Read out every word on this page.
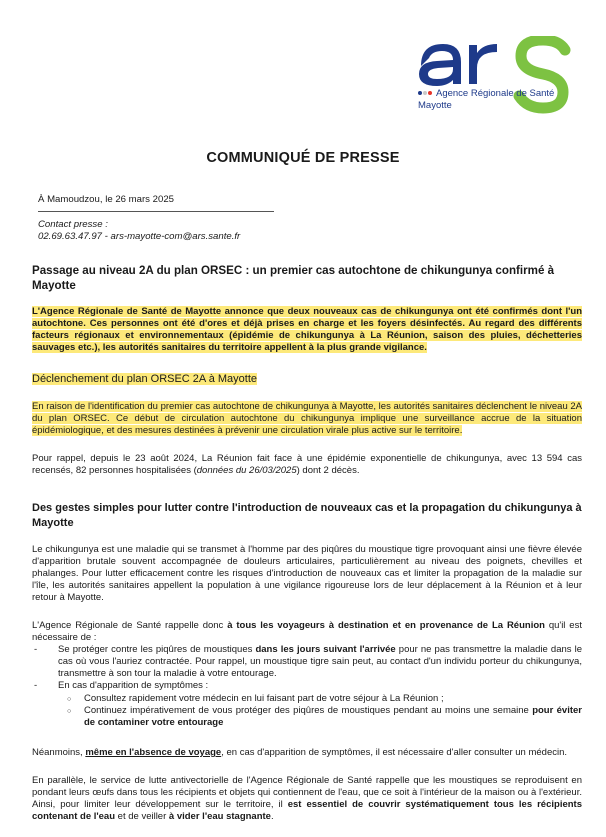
Agence Régionale de Santé
Mayotte
COMMUNIQUÉ DE PRESSE
À Mamoudzou, le 26 mars 2025
Contact presse :
02.69.63.47.97 - ars-mayotte-com@ars.sante.fr
Passage au niveau 2A du plan ORSEC : un premier cas autochtone de chikungunya confirmé à Mayotte
L'Agence Régionale de Santé de Mayotte annonce que deux nouveaux cas de chikungunya ont été confirmés dont l'un autochtone. Ces personnes ont été d'ores et déjà prises en charge et les foyers désinfectés. Au regard des différents facteurs régionaux et environnementaux (épidémie de chikungunya à La Réunion, saison des pluies, déchetteries sauvages etc.), les autorités sanitaires du territoire appellent à la plus grande vigilance.
Déclenchement du plan ORSEC 2A à Mayotte
En raison de l'identification du premier cas autochtone de chikungunya à Mayotte, les autorités sanitaires déclenchent le niveau 2A du plan ORSEC. Ce début de circulation autochtone du chikungunya implique une surveillance accrue de la situation épidémiologique, et des mesures destinées à prévenir une circulation virale plus active sur le territoire.
Pour rappel, depuis le 23 août 2024, La Réunion fait face à une épidémie exponentielle de chikungunya, avec 13 594 cas recensés, 82 personnes hospitalisées (données du 26/03/2025) dont 2 décès.
Des gestes simples pour lutter contre l'introduction de nouveaux cas et la propagation du chikungunya à Mayotte
Le chikungunya est une maladie qui se transmet à l'homme par des piqûres du moustique tigre provoquant ainsi une fièvre élevée d'apparition brutale souvent accompagnée de douleurs articulaires, particulièrement au niveau des poignets, chevilles et phalanges. Pour lutter efficacement contre les risques d'introduction de nouveaux cas et limiter la propagation de la maladie sur l'île, les autorités sanitaires appellent la population à une vigilance rigoureuse lors de leur déplacement à la Réunion et à leur retour à Mayotte.
L'Agence Régionale de Santé rappelle donc à tous les voyageurs à destination et en provenance de La Réunion qu'il est nécessaire de :
- Se protéger contre les piqûres de moustiques dans les jours suivant l'arrivée pour ne pas transmettre la maladie dans le cas où vous l'auriez contractée. Pour rappel, un moustique tigre sain peut, au contact d'un individu porteur du chikungunya, transmettre à son tour la maladie à votre entourage.
- En cas d'apparition de symptômes :
○ Consultez rapidement votre médecin en lui faisant part de votre séjour à La Réunion ;
○ Continuez impérativement de vous protéger des piqûres de moustiques pendant au moins une semaine pour éviter de contaminer votre entourage
Néanmoins, même en l'absence de voyage, en cas d'apparition de symptômes, il est nécessaire d'aller consulter un médecin.
En parallèle, le service de lutte antivectorielle de l'Agence Régionale de Santé rappelle que les moustiques se reproduisent en pondant leurs œufs dans tous les récipients et objets qui contiennent de l'eau, que ce soit à l'intérieur de la maison ou à l'extérieur. Ainsi, pour limiter leur développement sur le territoire, il est essentiel de couvrir systématiquement tous les récipients contenant de l'eau et de veiller à vider l'eau stagnante.
